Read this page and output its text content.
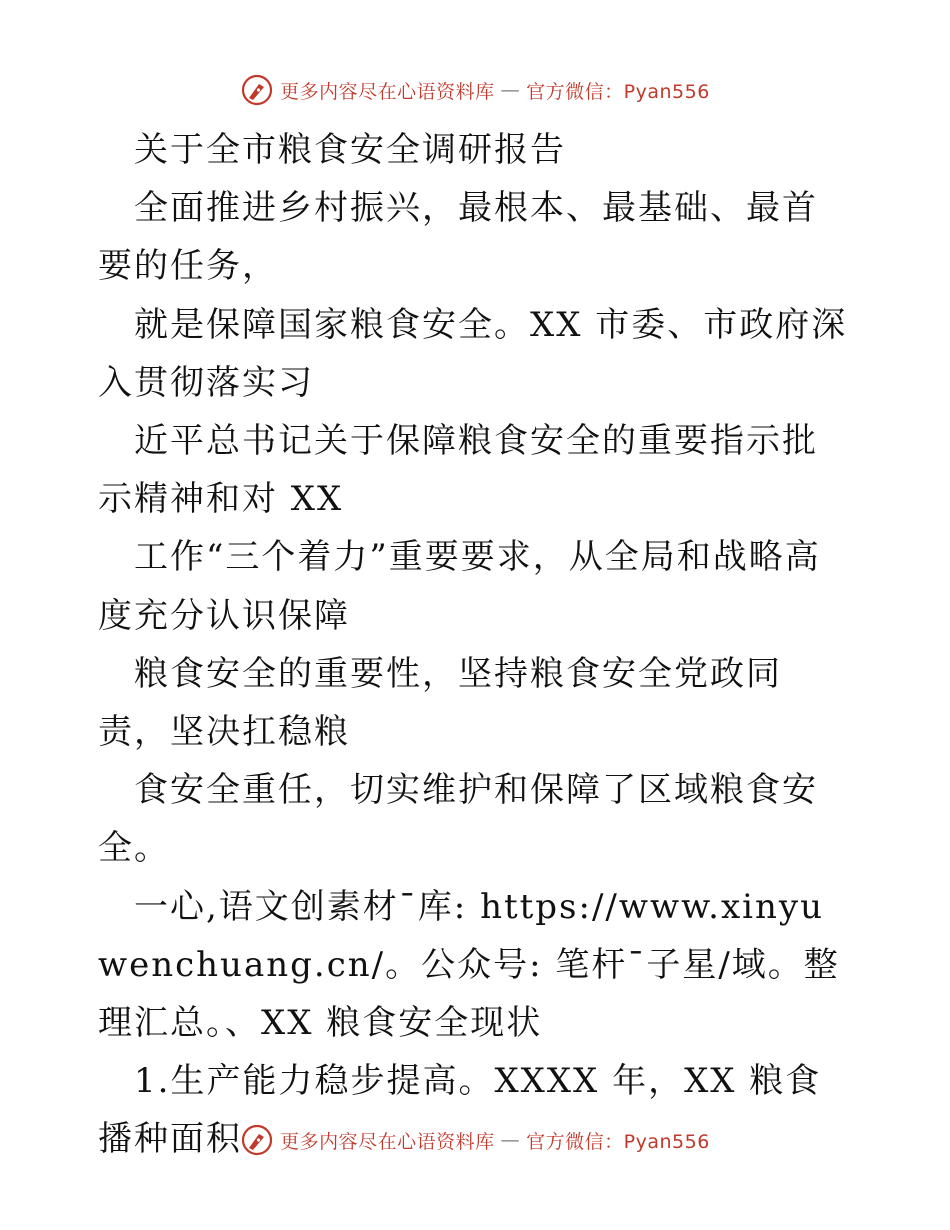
更多内容尽在心语资料库 — 官方微信：Pyan556

关于全市粮食安全调研报告

全面推进乡村振兴，最根本、最基础、最首要的任务，

就是保障国家粮食安全。XX 市委、市政府深入贯彻落实习

近平总书记关于保障粮食安全的重要指示批示精神和对 XX

工作“三个着力”重要要求，从全局和战略高度充分认识保障

粮食安全的重要性，坚持粮食安全党政同责，坚决扛稳粮

食安全重任，切实维护和保障了区域粮食安全。

一心,语文创素材¯库: https://www.xinyuwenchuang.cn/。公众号: 笔杆¯子星/域。整理汇总。、XX 粮食安全现状

1.生产能力稳步提高。XXXX 年，XX 粮食播种面积	更多内容尽在心语资料库 — 官方微信：Pyan556
